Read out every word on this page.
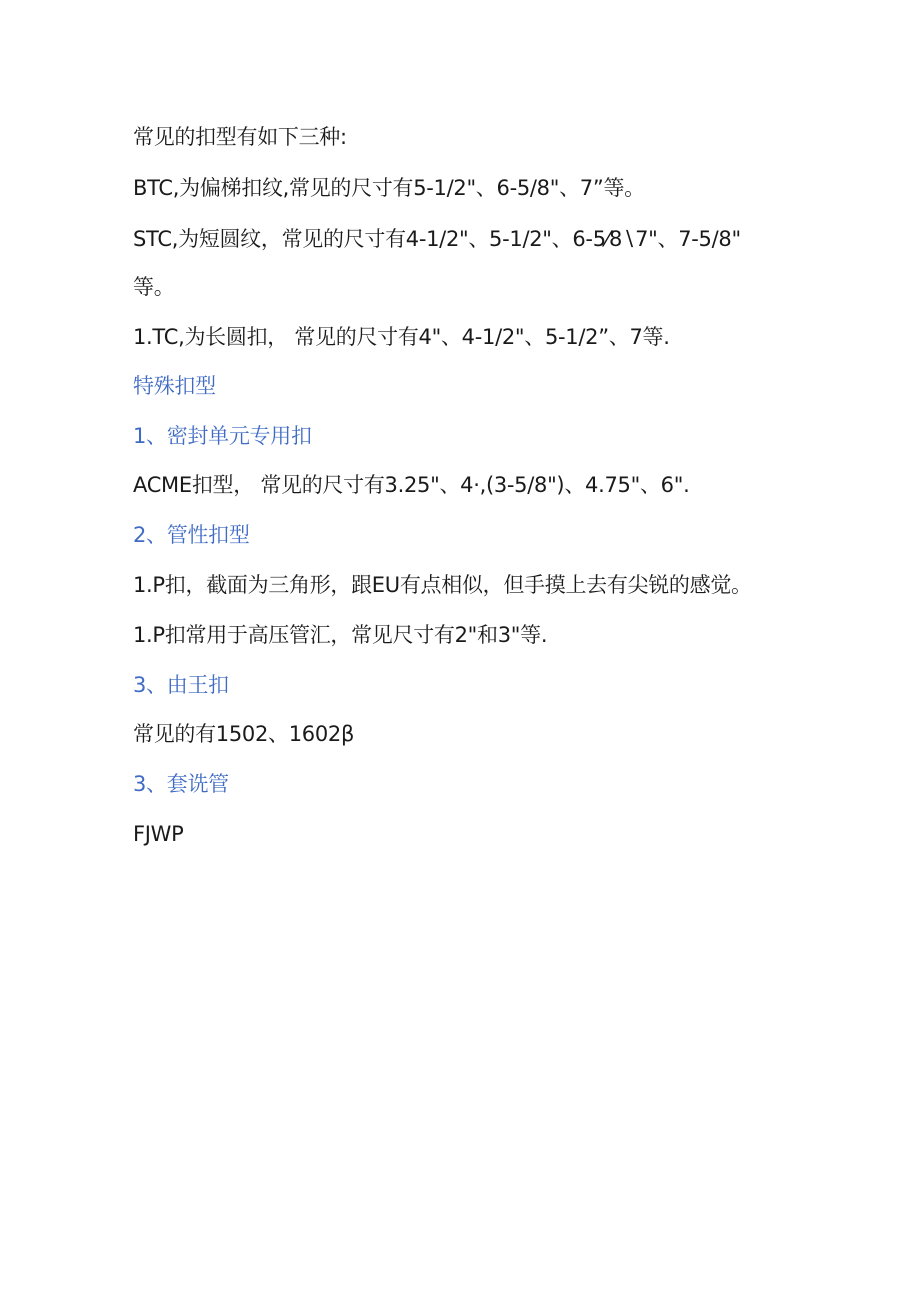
常见的扣型有如下三种:
BTC,为偏梯扣纹,常见的尺寸有5-1/2"、6-5/8"、7”等。
STC,为短圆纹，常见的尺寸有4-1/2"、5-1/2"、6-5⁄8∖7"、7-5/8"
等。
1.TC,为长圆扣， 常见的尺寸有4"、4-1/2"、5-1/2”、7等.
特殊扣型
1、密封单元专用扣
ACME扣型， 常见的尺寸有3.25"、4·,(3-5/8")、4.75"、6".
2、管性扣型
1.P扣，截面为三角形，跟EU有点相似，但手摸上去有尖锐的感觉。
1.P扣常用于高压管汇，常见尺寸有2"和3"等.
3、由王扣
常见的有1502、1602β
3、套诜管
FJWP
